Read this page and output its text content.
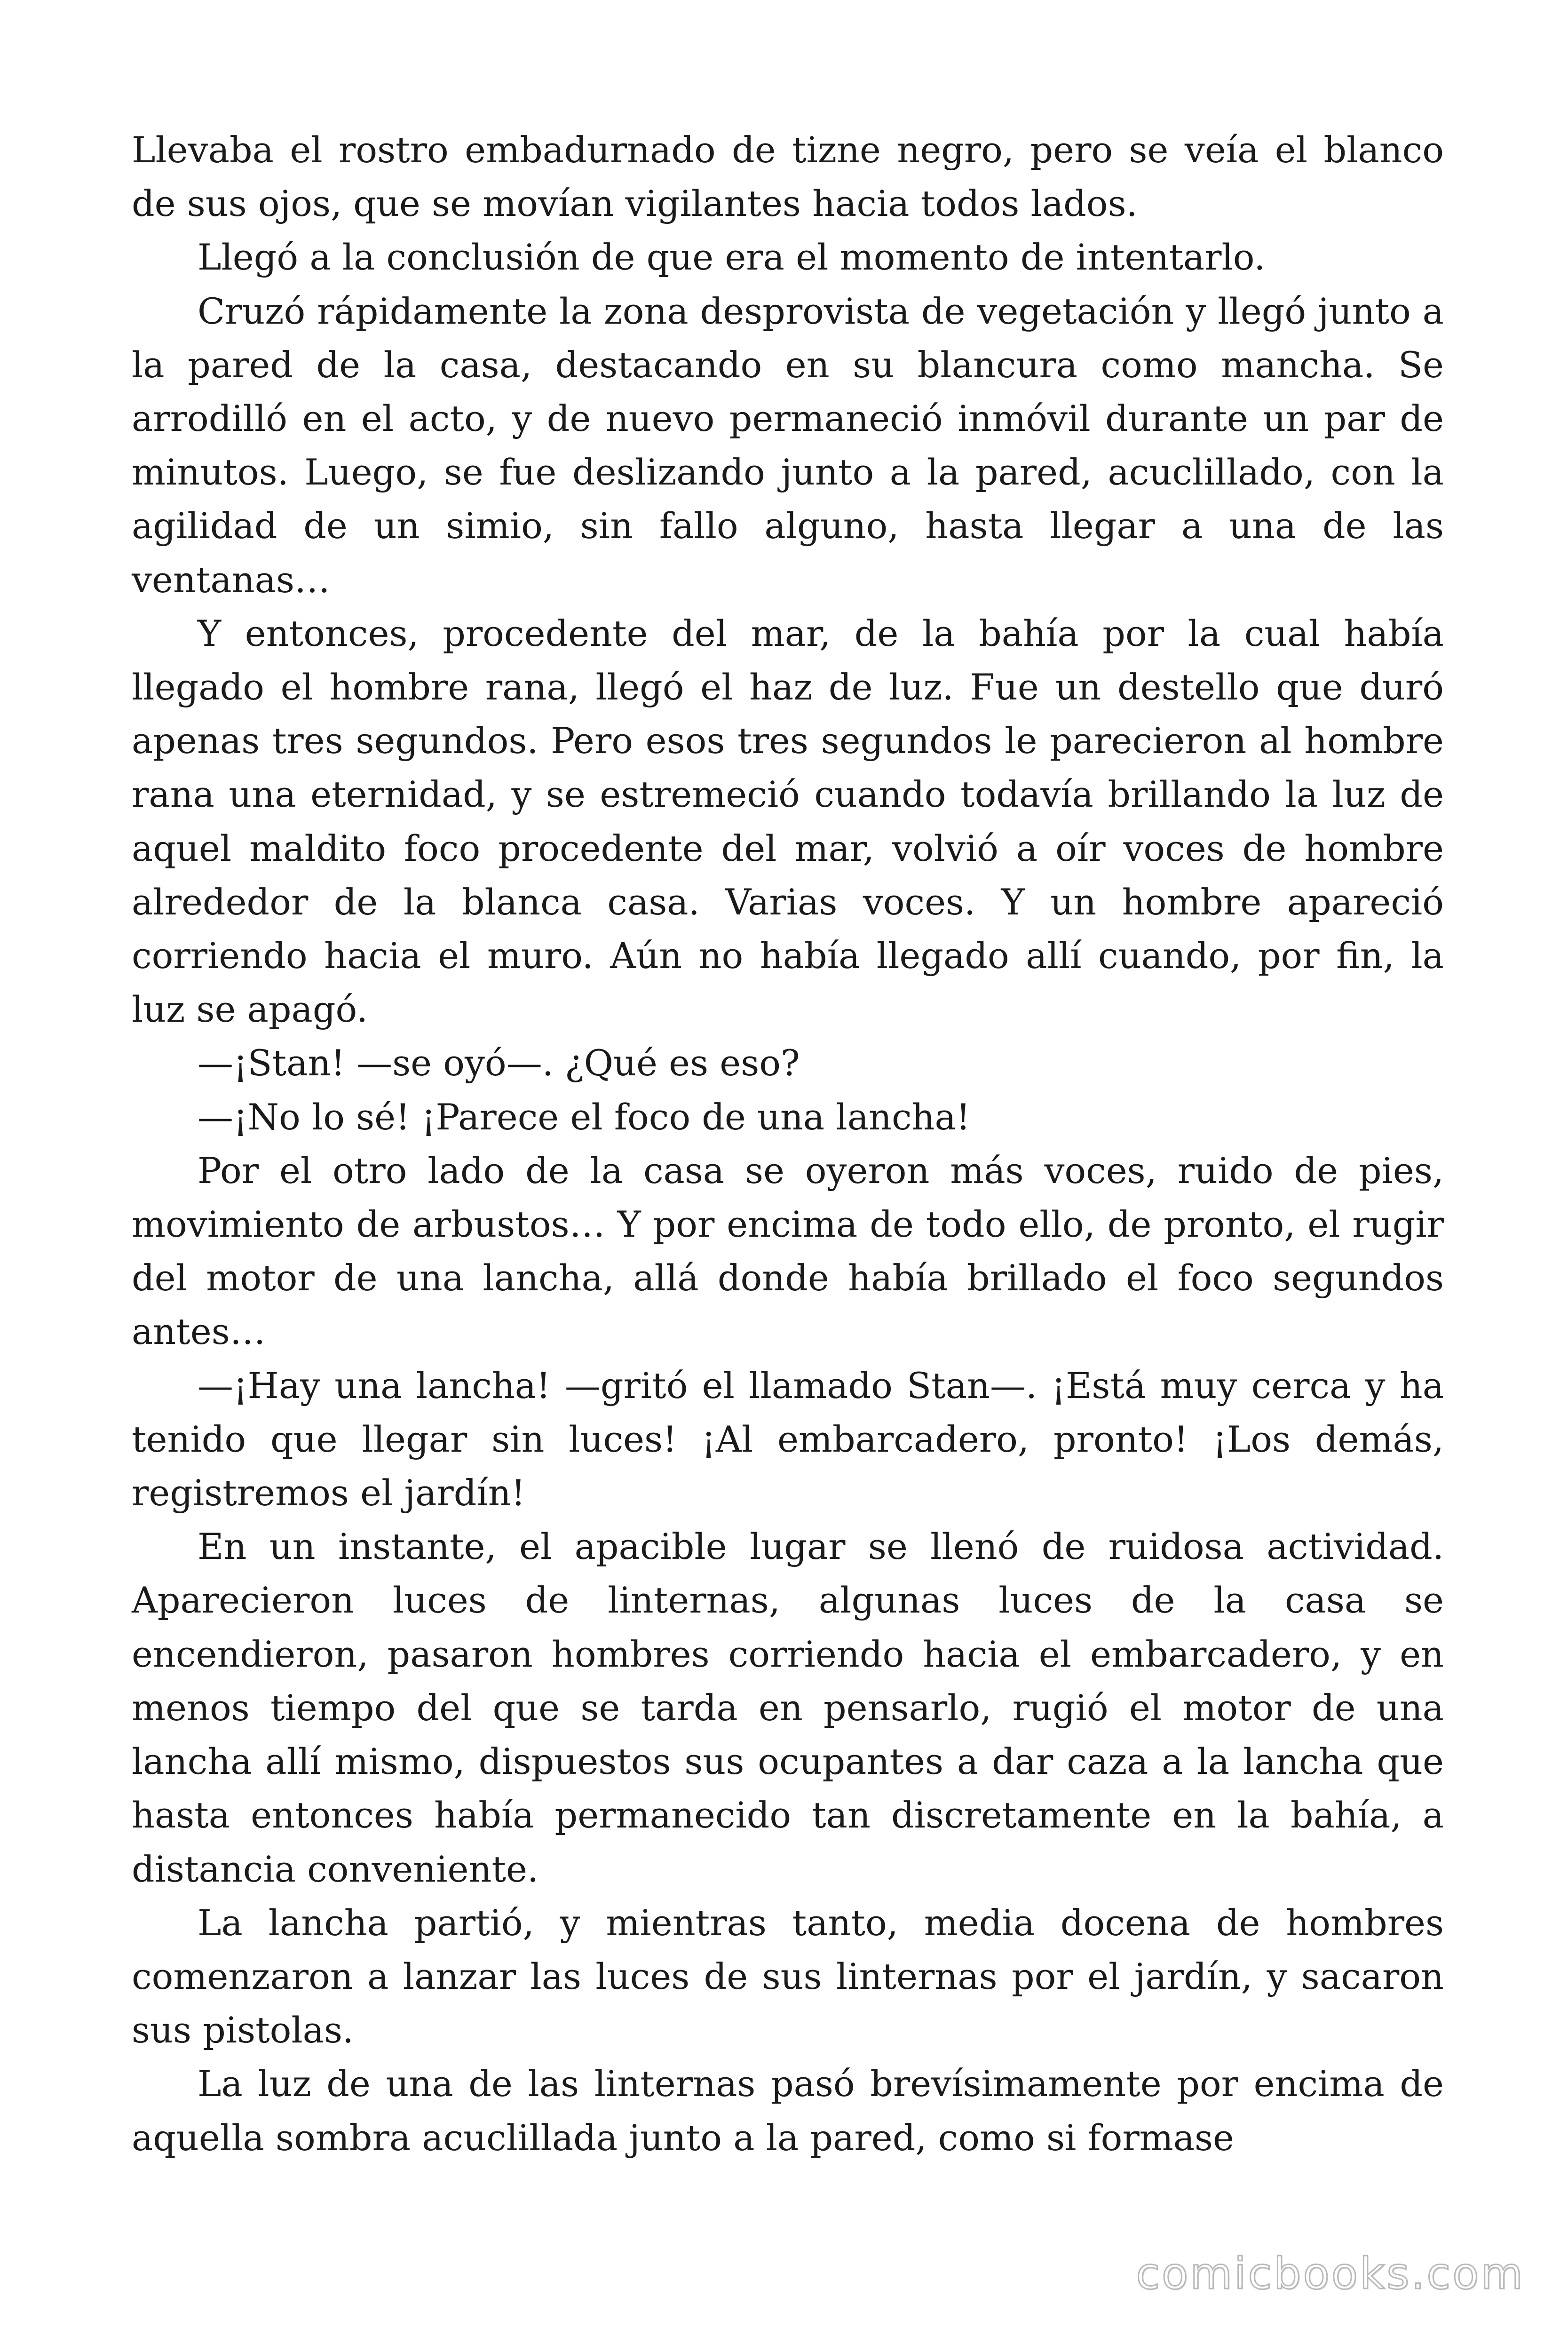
Llevaba el rostro embadurnado de tizne negro, pero se veía el blanco de sus ojos, que se movían vigilantes hacia todos lados.

Llegó a la conclusión de que era el momento de intentarlo.

Cruzó rápidamente la zona desprovista de vegetación y llegó junto a la pared de la casa, destacando en su blancura como mancha. Se arrodilló en el acto, y de nuevo permaneció inmóvil durante un par de minutos. Luego, se fue deslizando junto a la pared, acuclillado, con la agilidad de un simio, sin fallo alguno, hasta llegar a una de las ventanas…

Y entonces, procedente del mar, de la bahía por la cual había llegado el hombre rana, llegó el haz de luz. Fue un destello que duró apenas tres segundos. Pero esos tres segundos le parecieron al hombre rana una eternidad, y se estremeció cuando todavía brillando la luz de aquel maldito foco procedente del mar, volvió a oír voces de hombre alrededor de la blanca casa. Varias voces. Y un hombre apareció corriendo hacia el muro. Aún no había llegado allí cuando, por fin, la luz se apagó.

—¡Stan! —se oyó—. ¿Qué es eso?

—¡No lo sé! ¡Parece el foco de una lancha!

Por el otro lado de la casa se oyeron más voces, ruido de pies, movimiento de arbustos… Y por encima de todo ello, de pronto, el rugir del motor de una lancha, allá donde había brillado el foco segundos antes…

—¡Hay una lancha! —gritó el llamado Stan—. ¡Está muy cerca y ha tenido que llegar sin luces! ¡Al embarcadero, pronto! ¡Los demás, registremos el jardín!

En un instante, el apacible lugar se llenó de ruidosa actividad. Aparecieron luces de linternas, algunas luces de la casa se encendieron, pasaron hombres corriendo hacia el embarcadero, y en menos tiempo del que se tarda en pensarlo, rugió el motor de una lancha allí mismo, dispuestos sus ocupantes a dar caza a la lancha que hasta entonces había permanecido tan discretamente en la bahía, a distancia conveniente.

La lancha partió, y mientras tanto, media docena de hombres comenzaron a lanzar las luces de sus linternas por el jardín, y sacaron sus pistolas.

La luz de una de las linternas pasó brevísimamente por encima de aquella sombra acuclillada junto a la pared, como si formase

comicbooks.com
